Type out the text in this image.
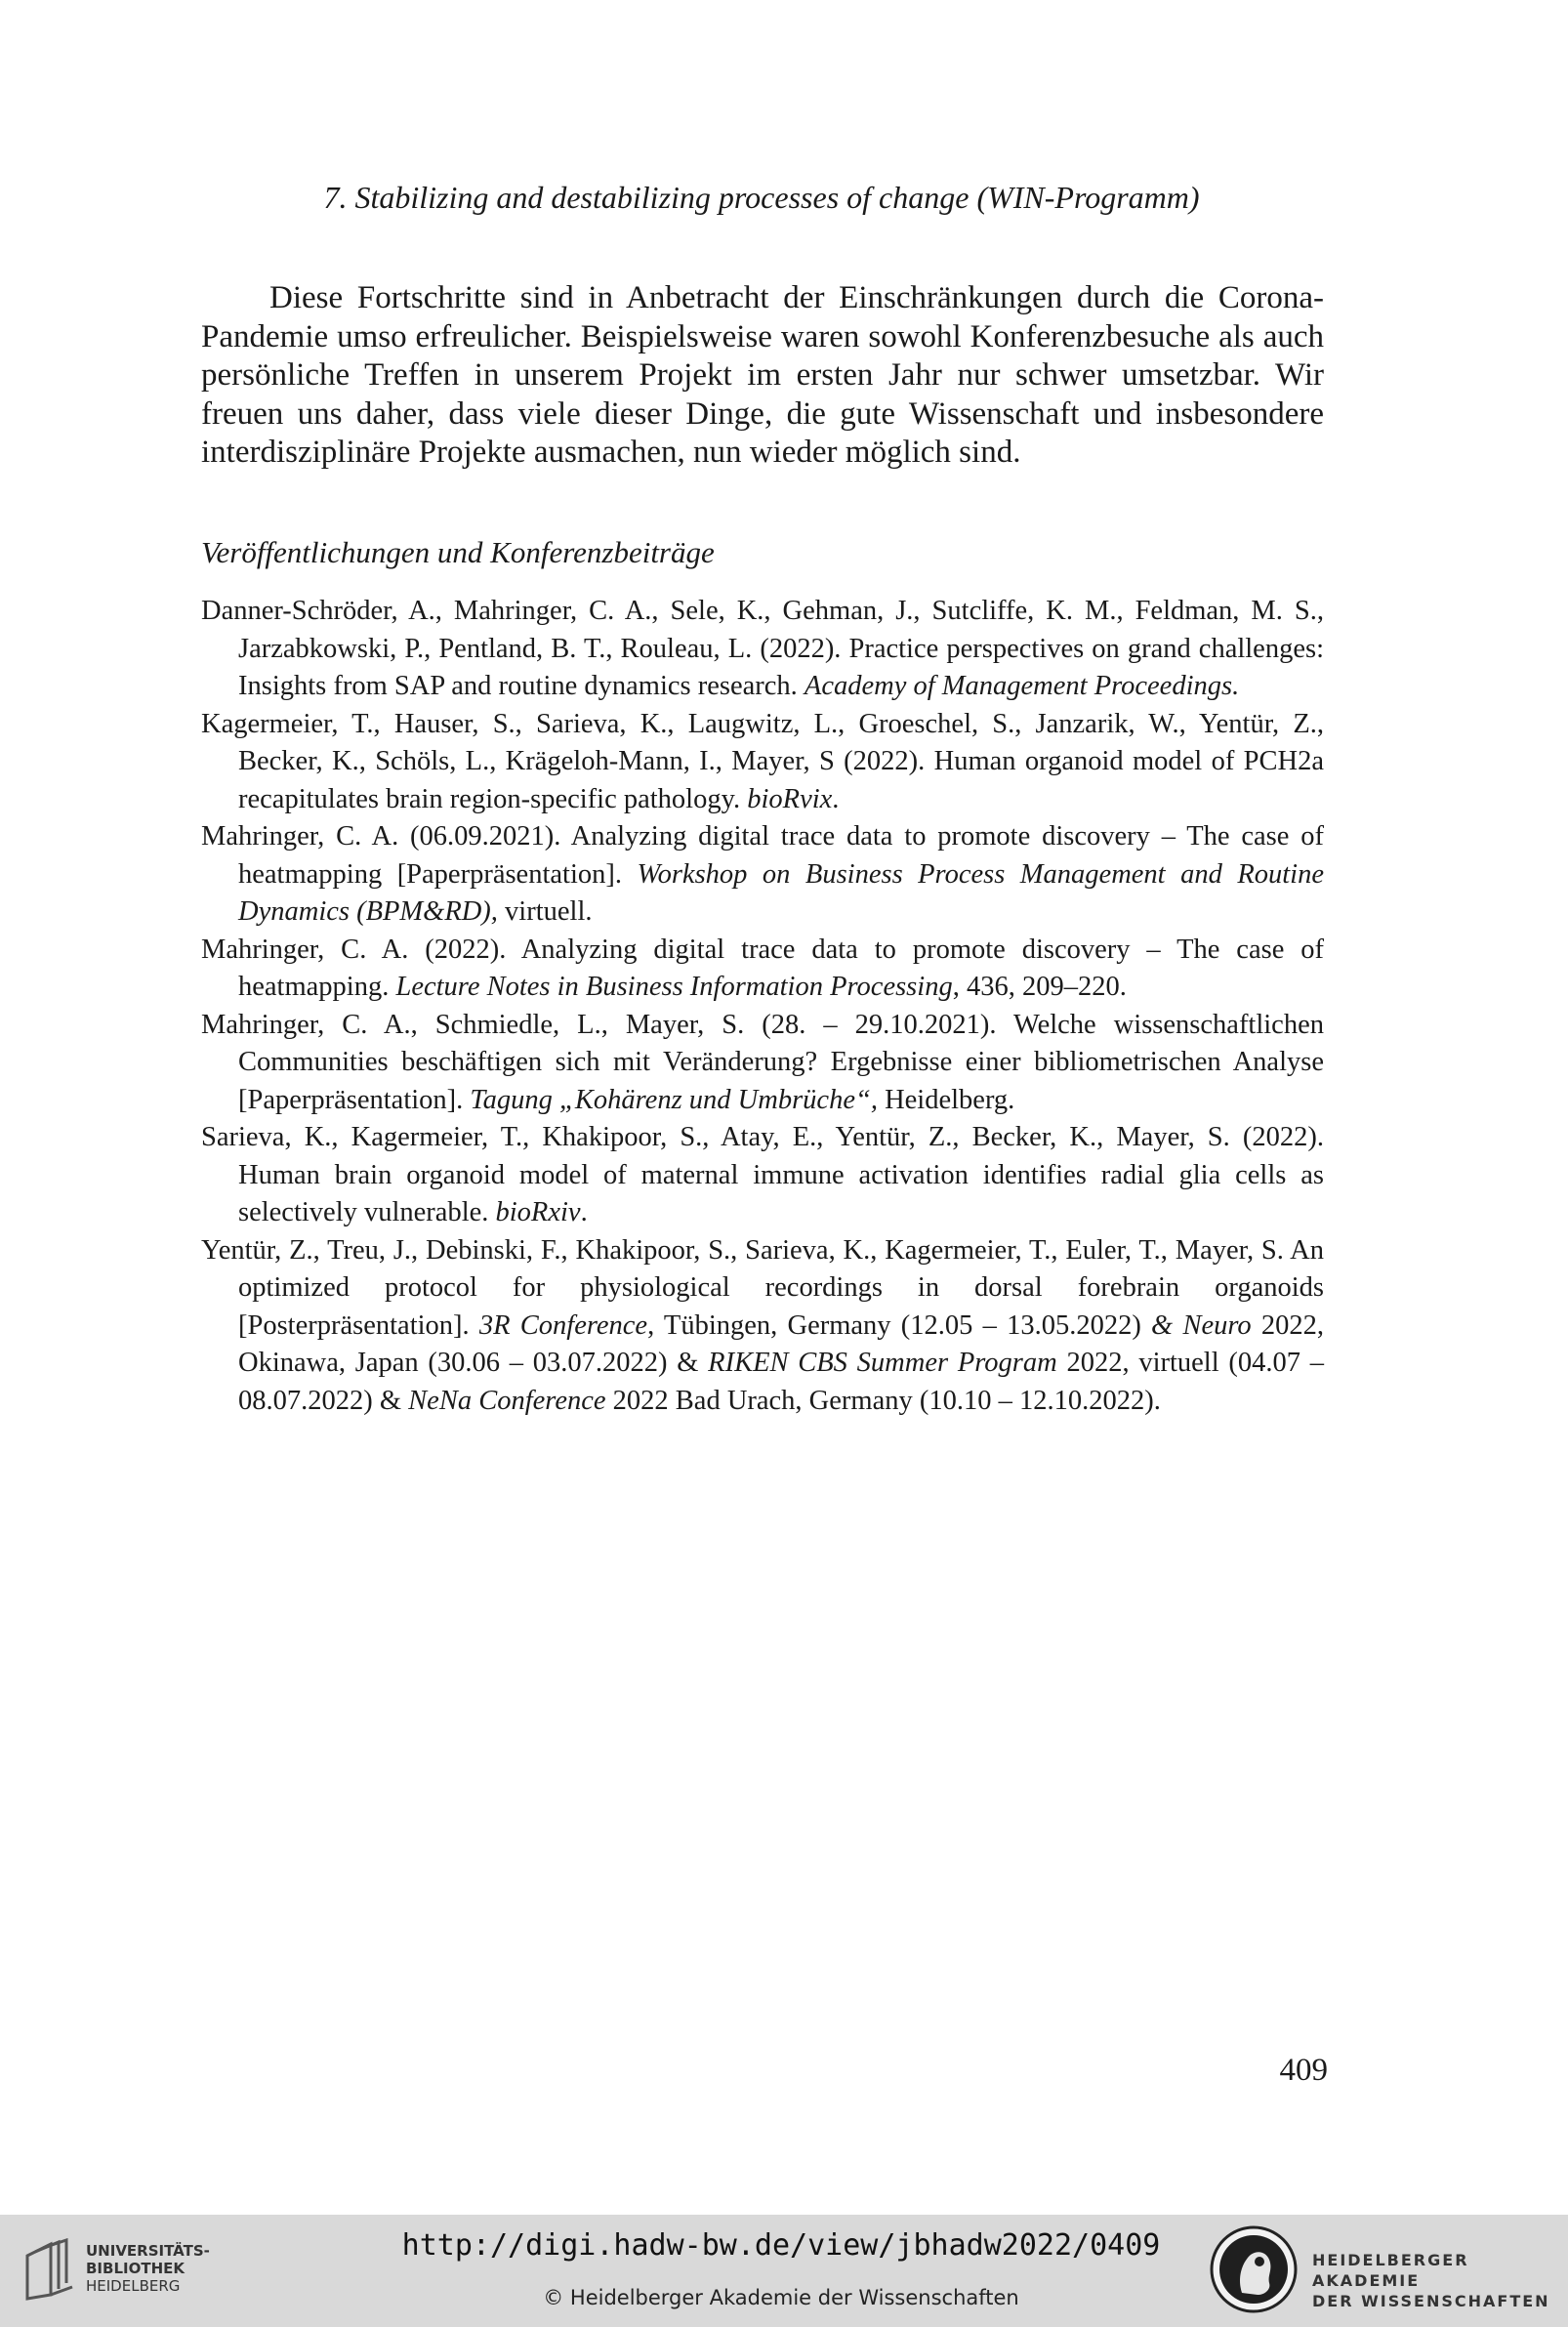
7. Stabilizing and destabilizing processes of change (WIN-Programm)

Diese Fortschritte sind in Anbetracht der Einschränkungen durch die Corona-Pandemie umso erfreulicher. Beispielsweise waren sowohl Konferenzbesuche als auch persönliche Treffen in unserem Projekt im ersten Jahr nur schwer umsetzbar. Wir freuen uns daher, dass viele dieser Dinge, die gute Wissenschaft und insbesondere interdisziplinäre Projekte ausmachen, nun wieder möglich sind.

Veröffentlichungen und Konferenzbeiträge
Danner-Schröder, A., Mahringer, C. A., Sele, K., Gehman, J., Sutcliffe, K. M., Feldman, M. S., Jarzabkowski, P., Pentland, B. T., Rouleau, L. (2022). Practice perspectives on grand challenges: Insights from SAP and routine dynamics research. Academy of Management Proceedings.
Kagermeier, T., Hauser, S., Sarieva, K., Laugwitz, L., Groeschel, S., Janzarik, W., Yentür, Z., Becker, K., Schöls, L., Krägeloh-Mann, I., Mayer, S (2022). Human organoid model of PCH2a recapitulates brain region-specific pathology. bioRvix.
Mahringer, C. A. (06.09.2021). Analyzing digital trace data to promote discovery – The case of heatmapping [Paperpräsentation]. Workshop on Business Process Management and Routine Dynamics (BPM&RD), virtuell.
Mahringer, C. A. (2022). Analyzing digital trace data to promote discovery – The case of heatmapping. Lecture Notes in Business Information Processing, 436, 209–220.
Mahringer, C. A., Schmiedle, L., Mayer, S. (28. – 29.10.2021). Welche wissenschaftlichen Communities beschäftigen sich mit Veränderung? Ergebnisse einer bibliometrischen Analyse [Paperpräsentation]. Tagung „Kohärenz und Umbrüche“, Heidelberg.
Sarieva, K., Kagermeier, T., Khakipoor, S., Atay, E., Yentür, Z., Becker, K., Mayer, S. (2022). Human brain organoid model of maternal immune activation identifies radial glia cells as selectively vulnerable. bioRxiv.
Yentür, Z., Treu, J., Debinski, F., Khakipoor, S., Sarieva, K., Kagermeier, T., Euler, T., Mayer, S. An optimized protocol for physiological recordings in dorsal forebrain organoids [Posterpräsentation]. 3R Conference, Tübingen, Germany (12.05 – 13.05.2022) & Neuro 2022, Okinawa, Japan (30.06 – 03.07.2022) & RIKEN CBS Summer Program 2022, virtuell (04.07 – 08.07.2022) & NeNa Conference 2022 Bad Urach, Germany (10.10 – 12.10.2022).
409
UNIVERSITÄTS-
BIBLIOTHEK
HEIDELBERG
http://digi.hadw-bw.de/view/jbhadw2022/0409
© Heidelberger Akademie der Wissenschaften
HEIDELBERGER AKADEMIE
DER WISSENSCHAFTEN
